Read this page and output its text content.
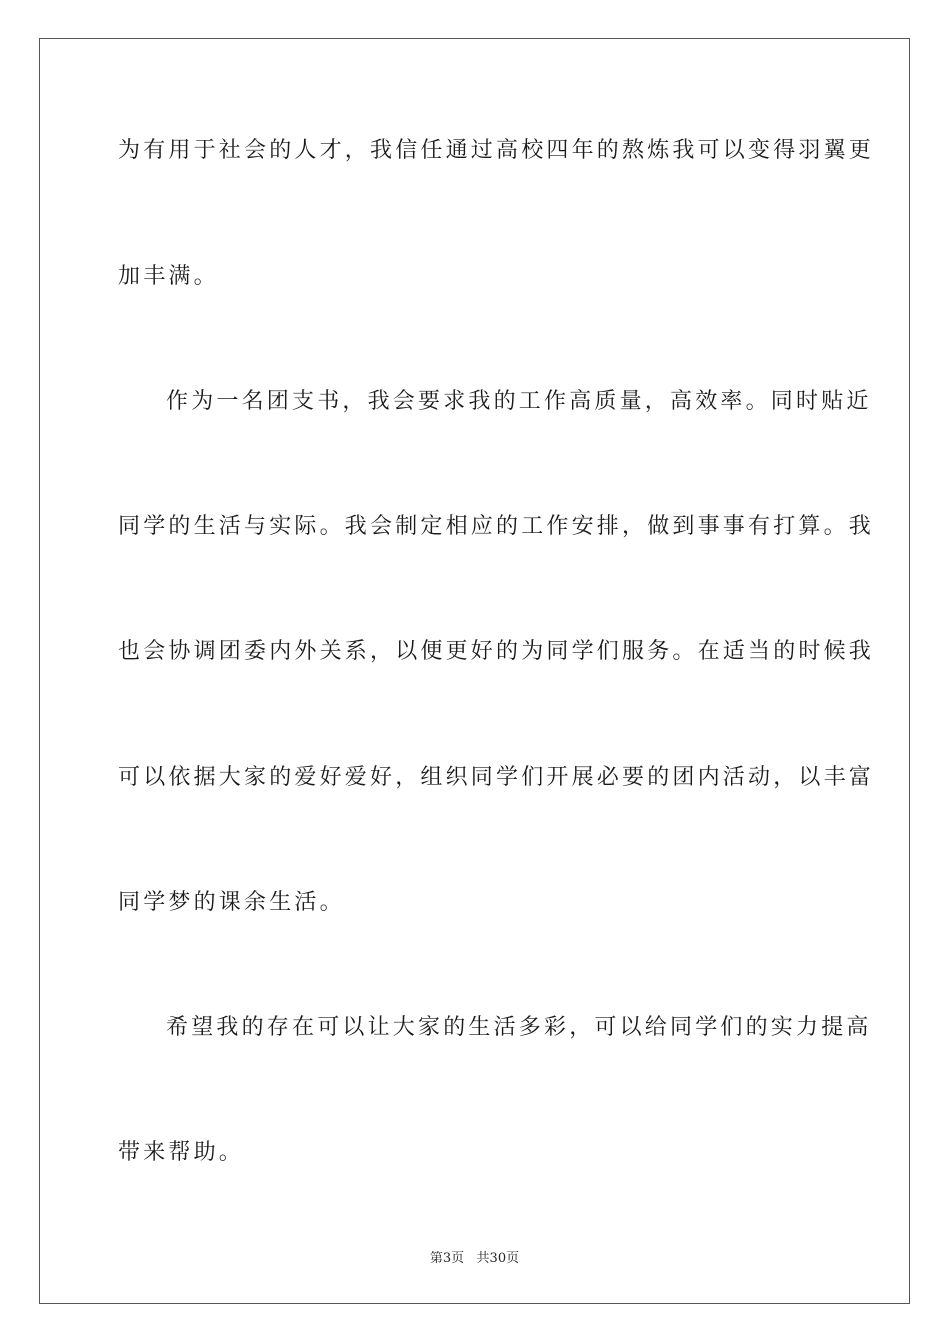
为有用于社会的人才，我信任通过高校四年的熬炼我可以变得羽翼更
加丰满。
作为一名团支书，我会要求我的工作高质量，高效率。同时贴近
同学的生活与实际。我会制定相应的工作安排，做到事事有打算。我
也会协调团委内外关系，以便更好的为同学们服务。在适当的时候我
可以依据大家的爱好爱好，组织同学们开展必要的团内活动，以丰富
同学梦的课余生活。
希望我的存在可以让大家的生活多彩，可以给同学们的实力提高
带来帮助。
第3页   共30页
